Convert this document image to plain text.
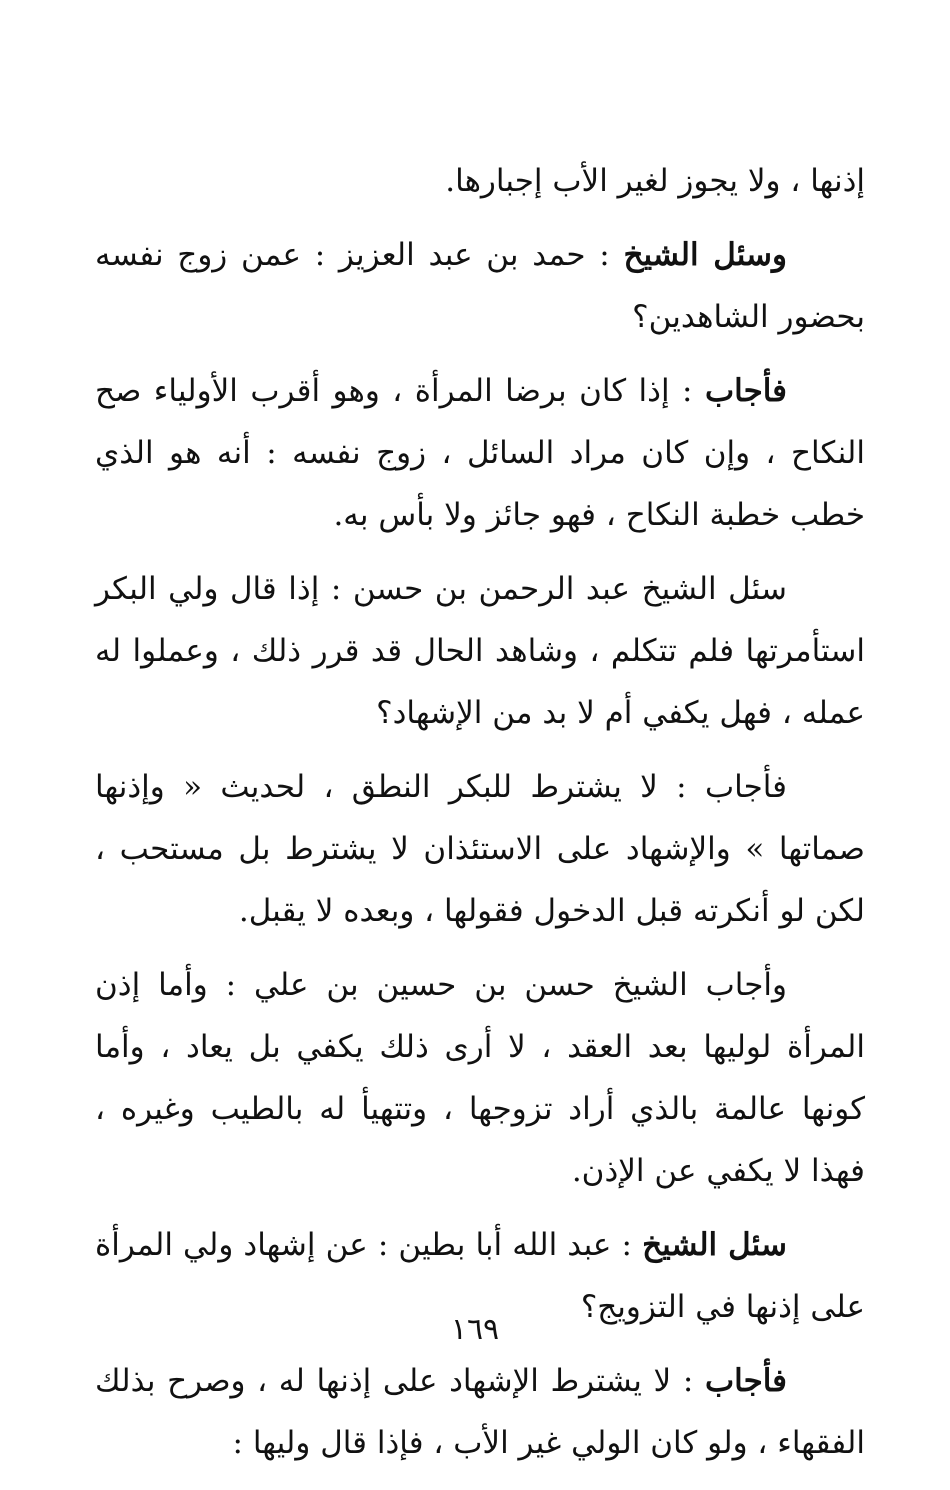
إذنها ، ولا يجوز لغير الأب إجبارها.

وسئل الشيخ : حمد بن عبد العزيز : عمن زوج نفسه بحضور الشاهدين؟

فأجاب : إذا كان برضا المرأة ، وهو أقرب الأولياء صح النكاح ، وإن كان مراد السائل ، زوج نفسه : أنه هو الذي خطب خطبة النكاح ، فهو جائز ولا بأس به.

سئل الشيخ عبد الرحمن بن حسن : إذا قال ولي البكر استأمرتها فلم تتكلم ، وشاهد الحال قد قرر ذلك ، وعملوا له عمله ، فهل يكفي أم لا بد من الإشهاد؟

فأجاب : لا يشترط للبكر النطق ، لحديث « وإذنها صماتها » والإشهاد على الاستئذان لا يشترط بل مستحب ، لكن لو أنكرته قبل الدخول فقولها ، وبعده لا يقبل.

وأجاب الشيخ حسن بن حسين بن علي : وأما إذن المرأة لوليها بعد العقد ، لا أرى ذلك يكفي بل يعاد ، وأما كونها عالمة بالذي أراد تزوجها ، وتتهيأ له بالطيب وغيره ، فهذا لا يكفي عن الإذن.

سئل الشيخ : عبد الله أبا بطين : عن إشهاد ولي المرأة على إذنها في التزويج؟

فأجاب : لا يشترط الإشهاد على إذنها له ، وصرح بذلك الفقهاء ، ولو كان الولي غير الأب ، فإذا قال وليها :

١٦٩
